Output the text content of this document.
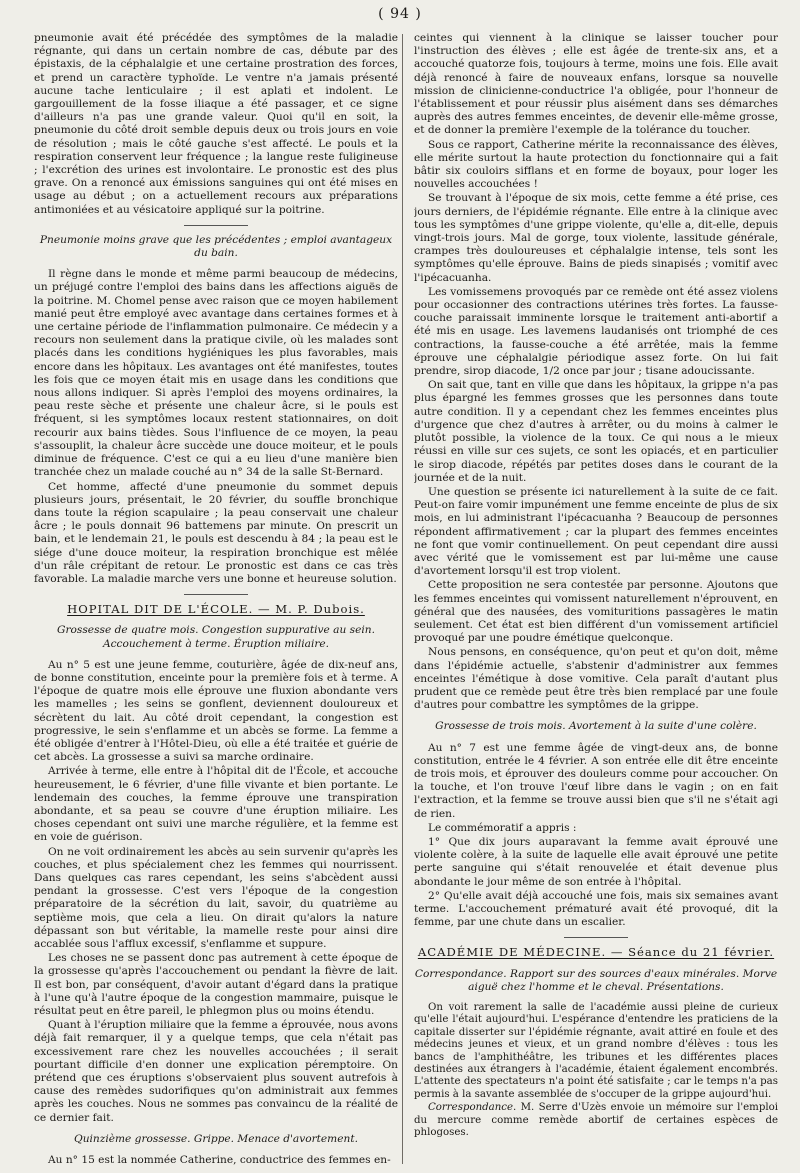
( 94 )

pneumonie avait été précédée des symptômes de la maladie régnante, qui dans un certain nombre de cas, débute par des épistaxis, de la céphalalgie et une certaine prostration des forces, et prend un caractère typhoïde. Le ventre n'a jamais présenté aucune tache lenticulaire ; il est aplati et indolent. Le gargouillement de la fosse iliaque a été passager, et ce signe d'ailleurs n'a pas une grande valeur. Quoi qu'il en soit, la pneumonie du côté droit semble depuis deux ou trois jours en voie de résolution ; mais le côté gauche s'est affecté. Le pouls et la respiration conservent leur fréquence ; la langue reste fuligineuse ; l'excrétion des urines est involontaire. Le pronostic est des plus grave. On a renoncé aux émissions sanguines qui ont été mises en usage au début ; on a actuellement recours aux préparations antimoniées et au vésicatoire appliqué sur la poitrine.

Pneumonie moins grave que les précédentes ; emploi avantageux du bain.

Il règne dans le monde et même parmi beaucoup de médecins, un préjugé contre l'emploi des bains dans les affections aiguës de la poitrine. M. Chomel pense avec raison que ce moyen habilement manié peut être employé avec avantage dans certaines formes et à une certaine période de l'inflammation pulmonaire. Ce médecin y a recours non seulement dans la pratique civile, où les malades sont placés dans les conditions hygiéniques les plus favorables, mais encore dans les hôpitaux. Les avantages ont été manifestes, toutes les fois que ce moyen était mis en usage dans les conditions que nous allons indiquer. Si après l'emploi des moyens ordinaires, la peau reste sèche et présente une chaleur âcre, si le pouls est fréquent, si les symptômes locaux restent stationnaires, on doit recourir aux bains tièdes. Sous l'influence de ce moyen, la peau s'assouplit, la chaleur âcre succède une douce moiteur, et le pouls diminue de fréquence. C'est ce qui a eu lieu d'une manière bien tranchée chez un malade couché au n° 34 de la salle St-Bernard.

Cet homme, affecté d'une pneumonie du sommet depuis plusieurs jours, présentait, le 20 février, du souffle bronchique dans toute la région scapulaire ; la peau conservait une chaleur âcre ; le pouls donnait 96 battemens par minute. On prescrit un bain, et le lendemain 21, le pouls est descendu à 84 ; la peau est le siége d'une douce moiteur, la respiration bronchique est mêlée d'un râle crépitant de retour. Le pronostic est dans ce cas très favorable. La maladie marche vers une bonne et heureuse solution.

HOPITAL DIT DE L'ÉCOLE. — M. P. Dubois.

Grossesse de quatre mois. Congestion suppurative au sein. Accouchement à terme. Éruption miliaire.

Au n° 5 est une jeune femme, couturière, âgée de dix-neuf ans, de bonne constitution, enceinte pour la première fois et à terme. A l'époque de quatre mois elle éprouve une fluxion abondante vers les mamelles ; les seins se gonflent, deviennent douloureux et sécrètent du lait. Au côté droit cependant, la congestion est progressive, le sein s'enflamme et un abcès se forme. La femme a été obligée d'entrer à l'Hôtel-Dieu, où elle a été traitée et guérie de cet abcès. La grossesse a suivi sa marche ordinaire.

Arrivée à terme, elle entre à l'hôpital dit de l'École, et accouche heureusement, le 6 février, d'une fille vivante et bien portante. Le lendemain des couches, la femme éprouve une transpiration abondante, et sa peau se couvre d'une éruption miliaire. Les choses cependant ont suivi une marche régulière, et la femme est en voie de guérison.

On ne voit ordinairement les abcès au sein survenir qu'après les couches, et plus spécialement chez les femmes qui nourrissent. Dans quelques cas rares cependant, les seins s'abcèdent aussi pendant la grossesse. C'est vers l'époque de la congestion préparatoire de la sécrétion du lait, savoir, du quatrième au septième mois, que cela a lieu. On dirait qu'alors la nature dépassant son but véritable, la mamelle reste pour ainsi dire accablée sous l'afflux excessif, s'enflamme et suppure.

Les choses ne se passent donc pas autrement à cette époque de la grossesse qu'après l'accouchement ou pendant la fièvre de lait. Il est bon, par conséquent, d'avoir autant d'égard dans la pratique à l'une qu'à l'autre époque de la congestion mammaire, puisque le résultat peut en être pareil, le phlegmon plus ou moins étendu.

Quant à l'éruption miliaire que la femme a éprouvée, nous avons déjà fait remarquer, il y a quelque temps, que cela n'était pas excessivement rare chez les nouvelles accouchées ; il serait pourtant difficile d'en donner une explication péremptoire. On prétend que ces éruptions s'observaient plus souvent autrefois à cause des remèdes sudorifiques qu'on administrait aux femmes après les couches. Nous ne sommes pas convaincu de la réalité de ce dernier fait.

Quinzième grossesse. Grippe. Menace d'avortement.

Au n° 15 est la nommée Catherine, conductrice des femmes en-

ceintes qui viennent à la clinique se laisser toucher pour l'instruction des élèves ; elle est âgée de trente-six ans, et a accouché quatorze fois, toujours à terme, moins une fois. Elle avait déjà renoncé à faire de nouveaux enfans, lorsque sa nouvelle mission de clinicienne-conductrice l'a obligée, pour l'honneur de l'établissement et pour réussir plus aisément dans ses démarches auprès des autres femmes enceintes, de devenir elle-même grosse, et de donner la première l'exemple de la tolérance du toucher.

Sous ce rapport, Catherine mérite la reconnaissance des élèves, elle mérite surtout la haute protection du fonctionnaire qui a fait bâtir six couloirs sifflans et en forme de boyaux, pour loger les nouvelles accouchées !

Se trouvant à l'époque de six mois, cette femme a été prise, ces jours derniers, de l'épidémie régnante. Elle entre à la clinique avec tous les symptômes d'une grippe violente, qu'elle a, dit-elle, depuis vingt-trois jours. Mal de gorge, toux violente, lassitude générale, crampes très douloureuses et céphalalgie intense, tels sont les symptômes qu'elle éprouve. Bains de pieds sinapisés ; vomitif avec l'ipécacuanha.

Les vomissemens provoqués par ce remède ont été assez violens pour occasionner des contractions utérines très fortes. La fausse-couche paraissait imminente lorsque le traitement anti-abortif a été mis en usage. Les lavemens laudanisés ont triomphé de ces contractions, la fausse-couche a été arrêtée, mais la femme éprouve une céphalalgie périodique assez forte. On lui fait prendre, sirop diacode, 1/2 once par jour ; tisane adoucissante.

On sait que, tant en ville que dans les hôpitaux, la grippe n'a pas plus épargné les femmes grosses que les personnes dans toute autre condition. Il y a cependant chez les femmes enceintes plus d'urgence que chez d'autres à arrêter, ou du moins à calmer le plutôt possible, la violence de la toux. Ce qui nous a le mieux réussi en ville sur ces sujets, ce sont les opiacés, et en particulier le sirop diacode, répétés par petites doses dans le courant de la journée et de la nuit.

Une question se présente ici naturellement à la suite de ce fait. Peut-on faire vomir impunément une femme enceinte de plus de six mois, en lui administrant l'ipécacuanha ? Beaucoup de personnes répondent affirmativement ; car la plupart des femmes enceintes ne font que vomir continuellement. On peut cependant dire aussi avec vérité que le vomissement est par lui-même une cause d'avortement lorsqu'il est trop violent.

Cette proposition ne sera contestée par personne. Ajoutons que les femmes enceintes qui vomissent naturellement n'éprouvent, en général que des nausées, des vomituritions passagères le matin seulement. Cet état est bien différent d'un vomissement artificiel provoqué par une poudre émétique quelconque.

Nous pensons, en conséquence, qu'on peut et qu'on doit, même dans l'épidémie actuelle, s'abstenir d'administrer aux femmes enceintes l'émétique à dose vomitive. Cela paraît d'autant plus prudent que ce remède peut être très bien remplacé par une foule d'autres pour combattre les symptômes de la grippe.

Grossesse de trois mois. Avortement à la suite d'une colère.

Au n° 7 est une femme âgée de vingt-deux ans, de bonne constitution, entrée le 4 février. A son entrée elle dit être enceinte de trois mois, et éprouver des douleurs comme pour accoucher. On la touche, et l'on trouve l'œuf libre dans le vagin ; on en fait l'extraction, et la femme se trouve aussi bien que s'il ne s'était agi de rien.

Le commémoratif a appris :

1° Que dix jours auparavant la femme avait éprouvé une violente colère, à la suite de laquelle elle avait éprouvé une petite perte sanguine qui s'était renouvelée et était devenue plus abondante le jour même de son entrée à l'hôpital.

2° Qu'elle avait déjà accouché une fois, mais six semaines avant terme. L'accouchement prématuré avait été provoqué, dit la femme, par une chute dans un escalier.

ACADÉMIE DE MÉDECINE. — Séance du 21 février.

Correspondance. Rapport sur des sources d'eaux minérales. Morve aiguë chez l'homme et le cheval. Présentations.

On voit rarement la salle de l'académie aussi pleine de curieux qu'elle l'était aujourd'hui. L'espérance d'entendre les praticiens de la capitale disserter sur l'épidémie régnante, avait attiré en foule et des médecins jeunes et vieux, et un grand nombre d'élèves : tous les bancs de l'amphithéâtre, les tribunes et les différentes places destinées aux étrangers à l'académie, étaient également encombrés. L'attente des spectateurs n'a point été satisfaite ; car le temps n'a pas permis à la savante assemblée de s'occuper de la grippe aujourd'hui.

Correspondance. M. Serre d'Uzès envoie un mémoire sur l'emploi du mercure comme remède abortif de certaines espèces de phlogoses.
